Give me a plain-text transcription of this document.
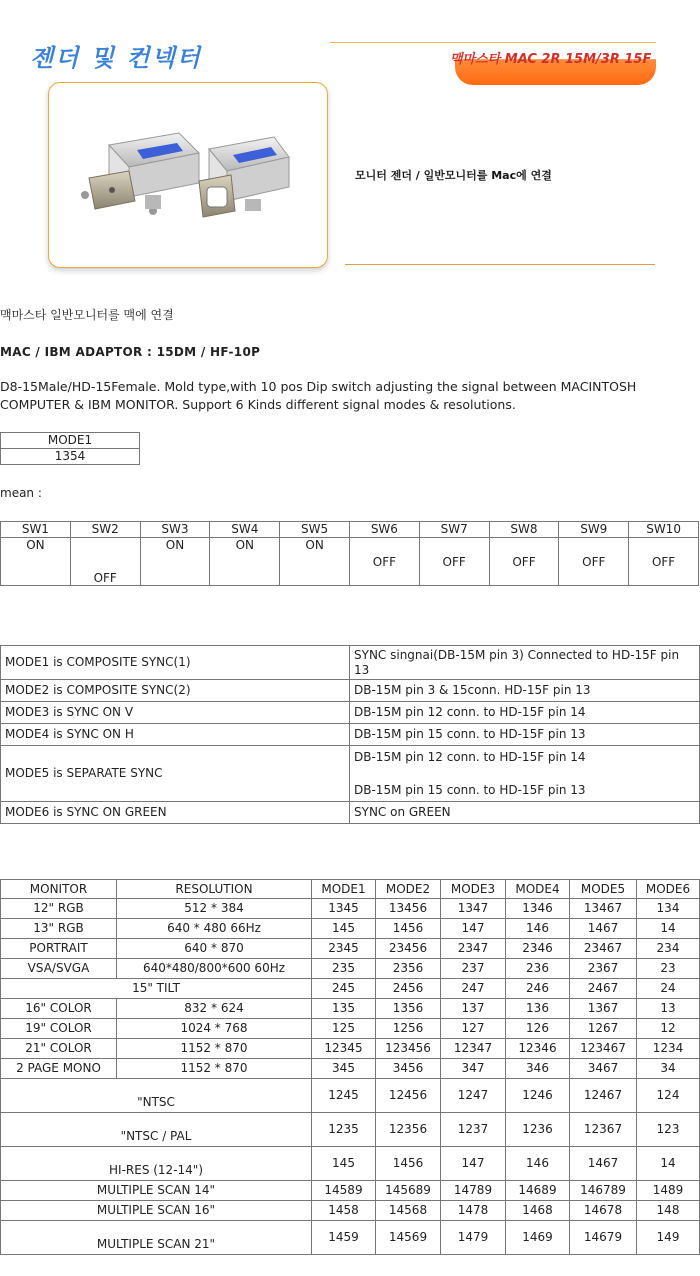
젠더 및 컨넥터	맥마스타 MAC 2R 15M/3R 15F
모니터 젠더 / 일반모니터를 Mac에 연결
맥마스타 일반모니터를 맥에 연결
MAC / IBM ADAPTOR : 15DM / HF-10P
D8-15Male/HD-15Female. Mold type,with 10 pos Dip switch adjusting the signal between MACINTOSH COMPUTER & IBM MONITOR. Support 6 Kinds different signal modes & resolutions.
MODE1
1354
mean :
SW1	SW2	SW3	SW4	SW5	SW6	SW7	SW8	SW9	SW10
ON	OFF	ON	ON	ON	OFF	OFF	OFF	OFF	OFF
MODE1 is COMPOSITE SYNC(1)	SYNC singnai(DB-15M pin 3) Connected to HD-15F pin 13
MODE2 is COMPOSITE SYNC(2)	DB-15M pin 3 & 15conn. HD-15F pin 13
MODE3 is SYNC ON V	DB-15M pin 12 conn. to HD-15F pin 14
MODE4 is SYNC ON H	DB-15M pin 15 conn. to HD-15F pin 13
MODE5 is SEPARATE SYNC	DB-15M pin 12 conn. to HD-15F pin 14
DB-15M pin 15 conn. to HD-15F pin 13

MODE6 is SYNC ON GREEN	SYNC on GREEN
MONITOR	RESOLUTION	MODE1	MODE2	MODE3	MODE4	MODE5	MODE6
12" RGB	512 * 384	1345	13456	1347	1346	13467	134
13" RGB	640 * 480 66Hz	145	1456	147	146	1467	14
PORTRAIT	640 * 870	2345	23456	2347	2346	23467	234
VSA/SVGA	640*480/800*600 60Hz	235	2356	237	236	2367	23
15" TILT		245	2456	247	246	2467	24
16" COLOR	832 * 624	135	1356	137	136	1367	13
19" COLOR	1024 * 768	125	1256	127	126	1267	12
21" COLOR	1152 * 870	12345	123456	12347	12346	123467	1234
2 PAGE MONO	1152 * 870	345	3456	347	346	3467	34
"NTSC		1245	12456	1247	1246	12467	124
"NTSC / PAL		1235	12356	1237	1236	12367	123
HI-RES (12-14")		145	1456	147	146	1467	14
MULTIPLE SCAN 14"		14589	145689	14789	14689	146789	1489
MULTIPLE SCAN 16"		1458	14568	1478	1468	14678	148
MULTIPLE SCAN 21"		1459	14569	1479	1469	14679	149
